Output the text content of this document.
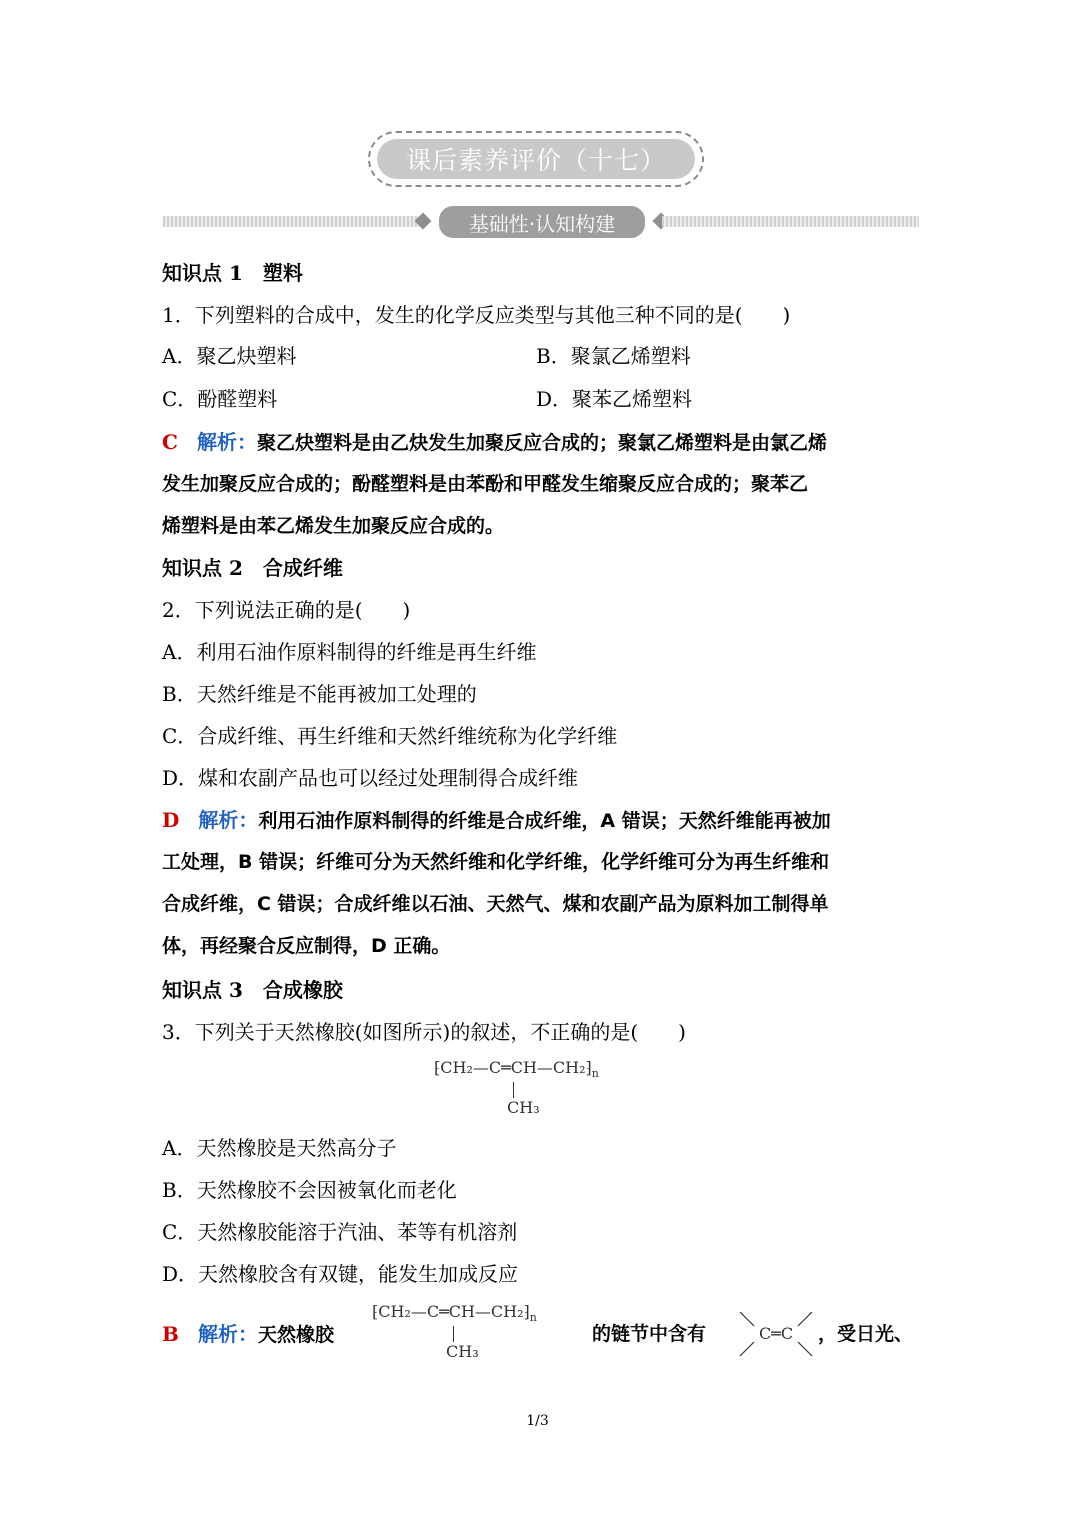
课后素养评价（十七）
基础性·认知构建
知识点 1　塑料
1．下列塑料的合成中，发生的化学反应类型与其他三种不同的是(　　)
A．聚乙炔塑料	B．聚氯乙烯塑料
C．酚醛塑料	D．聚苯乙烯塑料
C 解析：聚乙炔塑料是由乙炔发生加聚反应合成的；聚氯乙烯塑料是由氯乙烯
发生加聚反应合成的；酚醛塑料是由苯酚和甲醛发生缩聚反应合成的；聚苯乙
烯塑料是由苯乙烯发生加聚反应合成的。
知识点 2　合成纤维
2．下列说法正确的是(　　)
A．利用石油作原料制得的纤维是再生纤维
B．天然纤维是不能再被加工处理的
C．合成纤维、再生纤维和天然纤维统称为化学纤维
D．煤和农副产品也可以经过处理制得合成纤维
D 解析：利用石油作原料制得的纤维是合成纤维，A 错误；天然纤维能再被加
工处理，B 错误；纤维可分为天然纤维和化学纤维，化学纤维可分为再生纤维和
合成纤维，C 错误；合成纤维以石油、天然气、煤和农副产品为原料加工制得单
体，再经聚合反应制得，D 正确。
知识点 3　合成橡胶
3．下列关于天然橡胶(如图所示)的叙述，不正确的是(　　)
$⁅CH_2—C═CH—CH_2⁆_n$
CH₃
A．天然橡胶是天然高分子
B．天然橡胶不会因被氧化而老化
C．天然橡胶能溶于汽油、苯等有机溶剂
D．天然橡胶含有双键，能发生加成反应
B 解析：天然橡胶
$⁅CH_2—C═CH—CH_2⁆_n$
CH₃
的链节中含有	C═C ，受日光、
1/3
